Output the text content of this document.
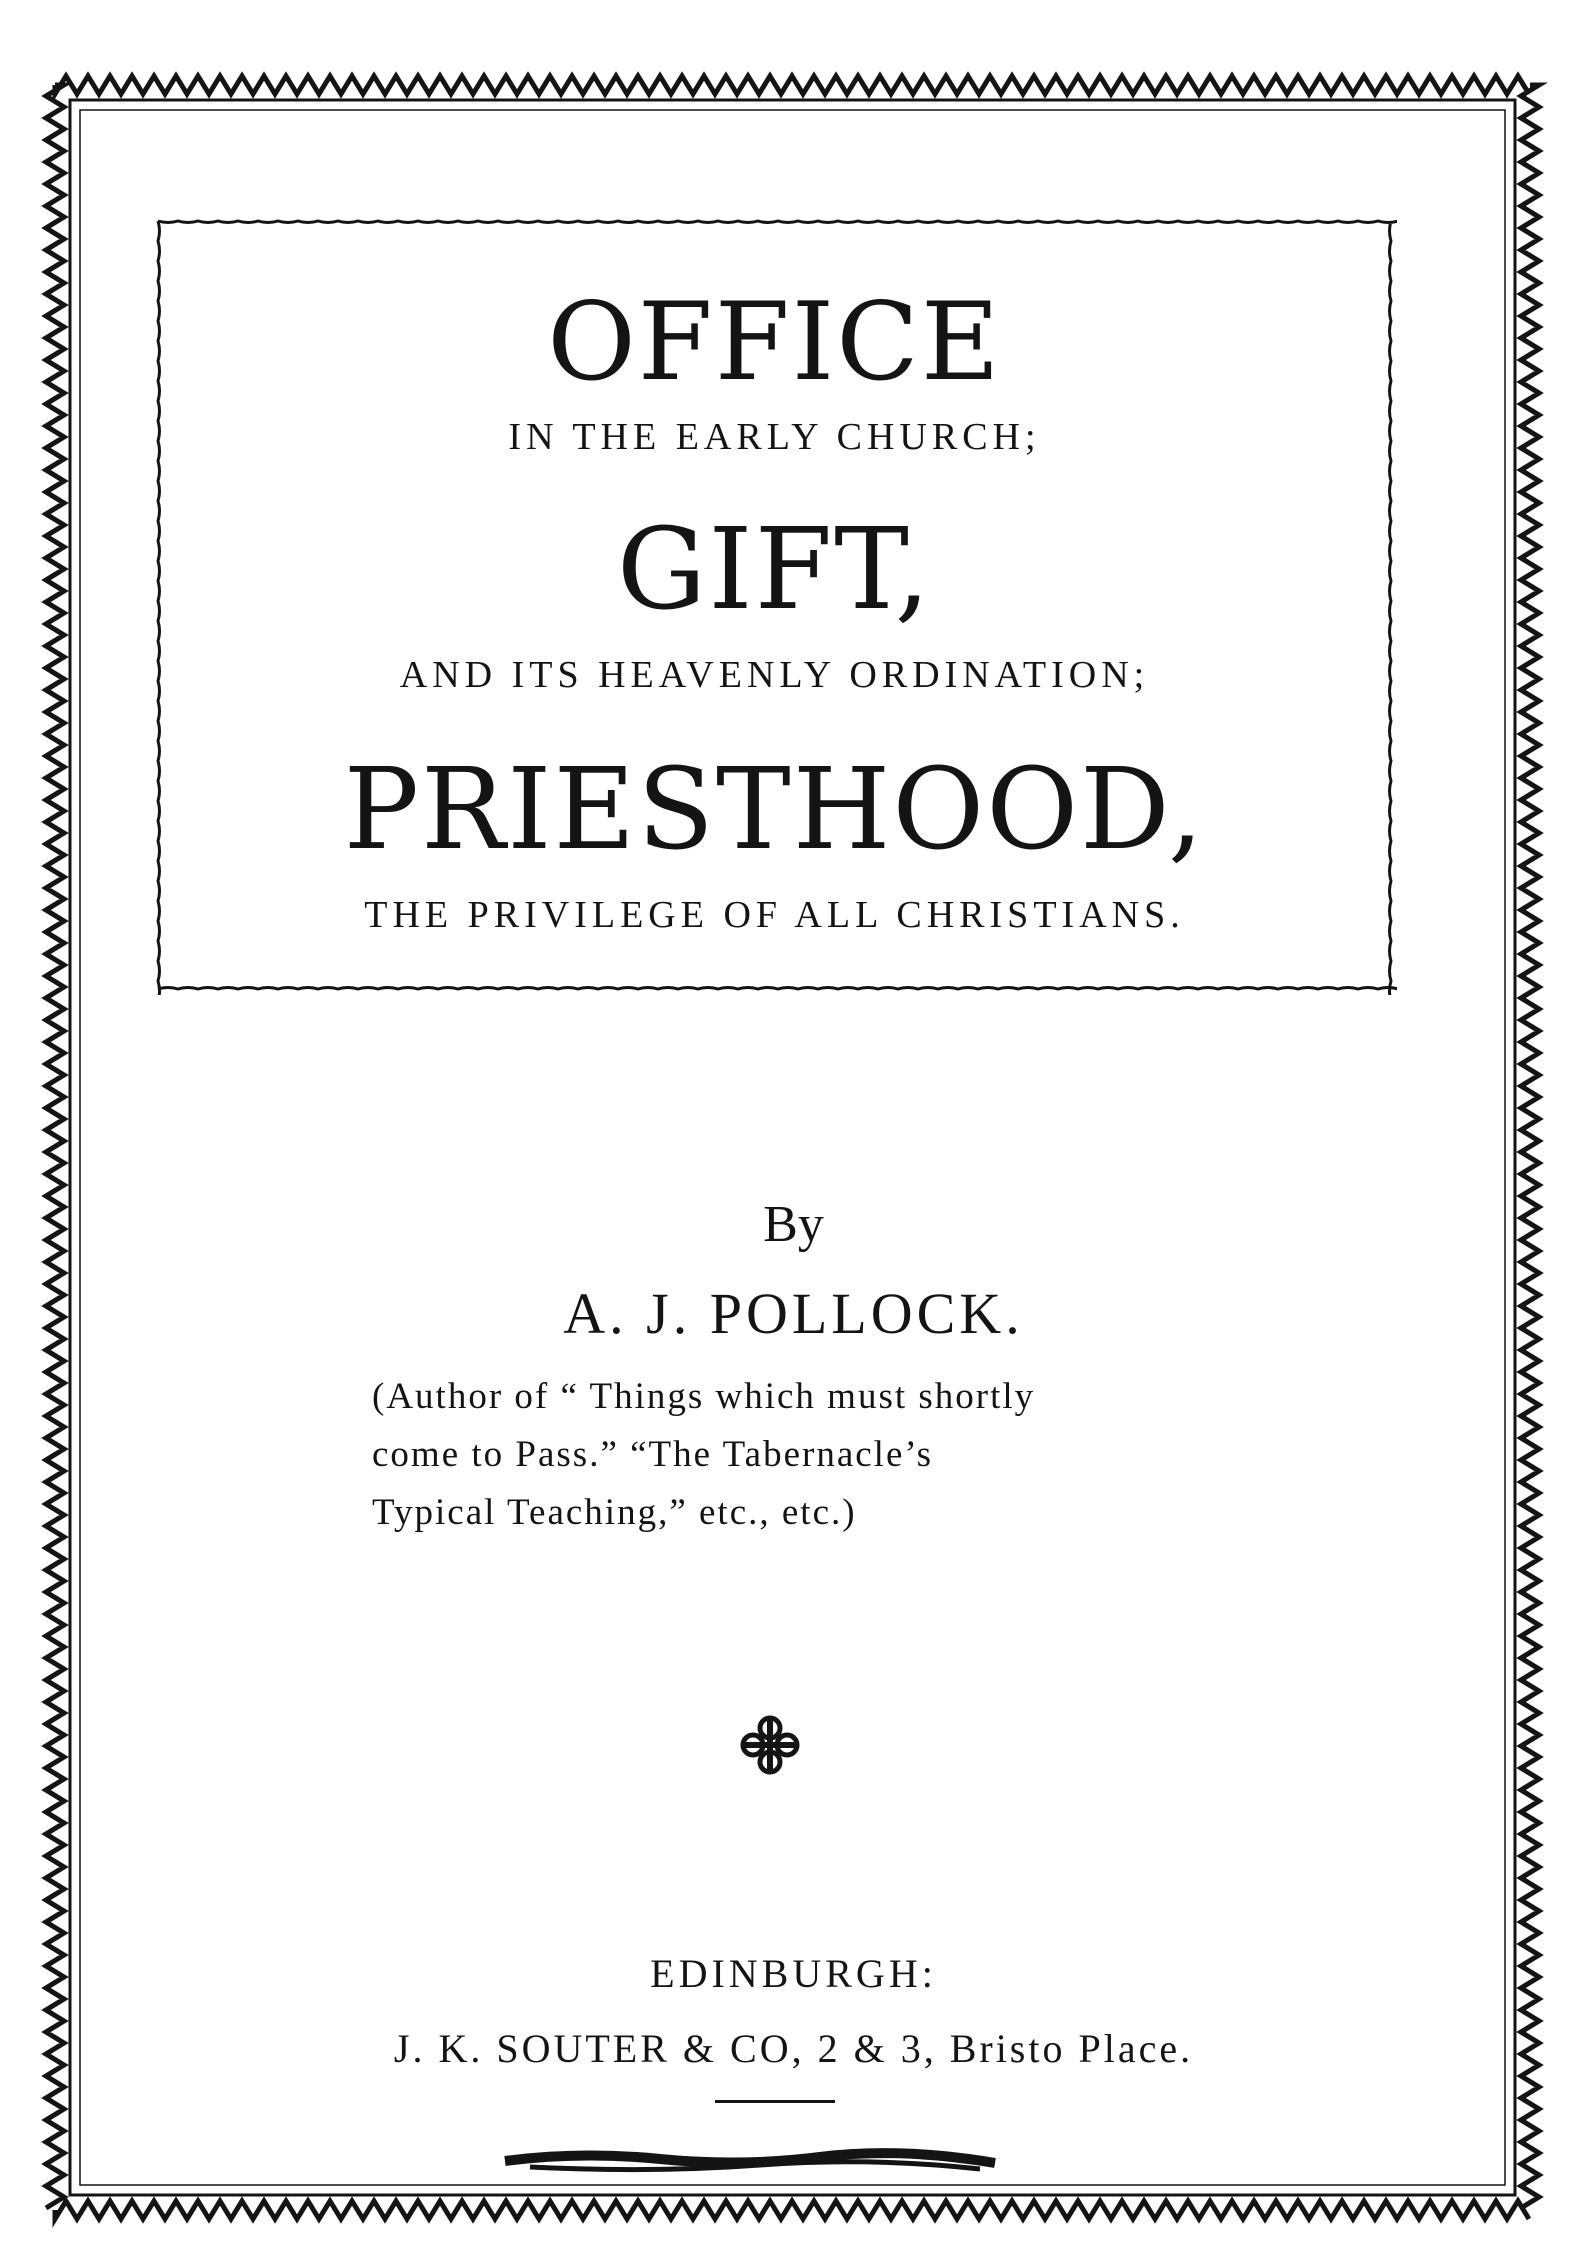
OFFICE
IN THE EARLY CHURCH;
GIFT,
AND ITS HEAVENLY ORDINATION;
PRIESTHOOD,
THE PRIVILEGE OF ALL CHRISTIANS.
By
A. J. POLLOCK.
(Author of “ Things which must shortly
come to Pass.” “The Tabernacle’s
Typical Teaching,” etc., etc.)
EDINBURGH:
J. K. SOUTER & CO, 2 & 3, Bristo Place.
